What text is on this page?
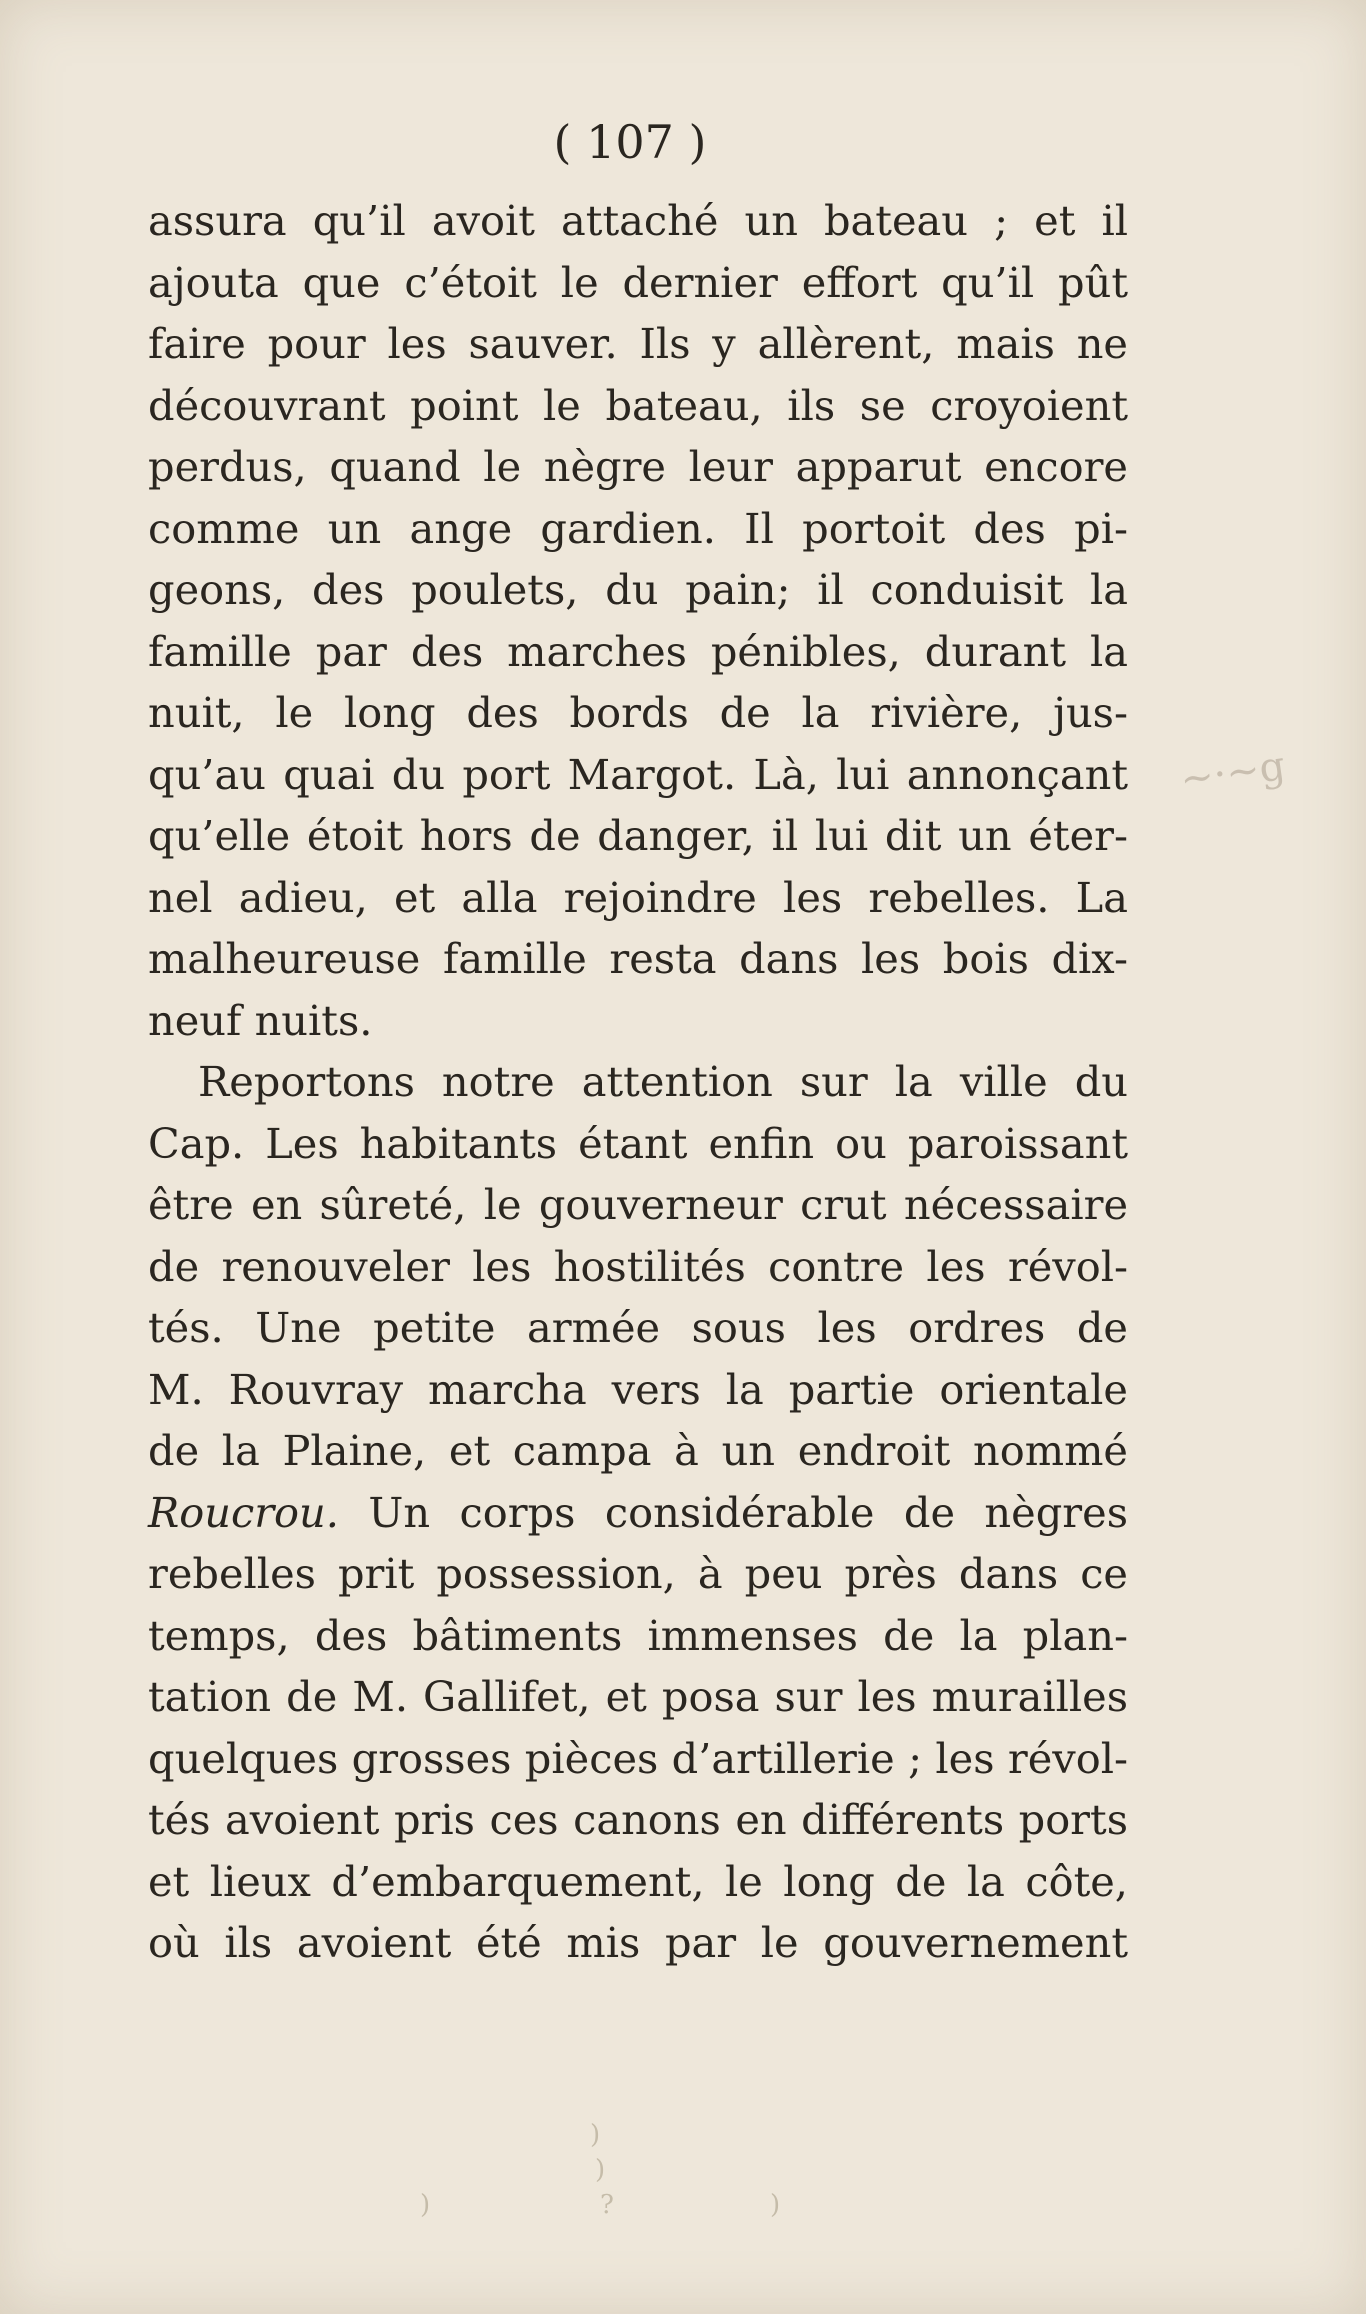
( 107 )
assura qu’il avoit attaché un bateau ; et il
ajouta que c’étoit le dernier effort qu’il pût
faire pour les sauver. Ils y allèrent, mais ne
découvrant point le bateau, ils se croyoient
perdus, quand le nègre leur apparut encore
comme un ange gardien. Il portoit des pi-
geons, des poulets, du pain; il conduisit la
famille par des marches pénibles, durant la
nuit, le long des bords de la rivière, jus-
qu’au quai du port Margot. Là, lui annonçant
qu’elle étoit hors de danger, il lui dit un éter-
nel adieu, et alla rejoindre les rebelles. La
malheureuse famille resta dans les bois dix-
neuf nuits.
Reportons notre attention sur la ville du
Cap. Les habitants étant enfin ou paroissant
être en sûreté, le gouverneur crut nécessaire
de renouveler les hostilités contre les révol-
tés. Une petite armée sous les ordres de
M. Rouvray marcha vers la partie orientale
de la Plaine, et campa à un endroit nommé
Roucrou. Un corps considérable de nègres
rebelles prit possession, à peu près dans ce
temps, des bâtiments immenses de la plan-
tation de M. Gallifet, et posa sur les murailles
quelques grosses pièces d’artillerie ; les révol-
tés avoient pris ces canons en différents ports
et lieux d’embarquement, le long de la côte,
où ils avoient été mis par le gouvernement
~·~g
)
)
)	?	)
